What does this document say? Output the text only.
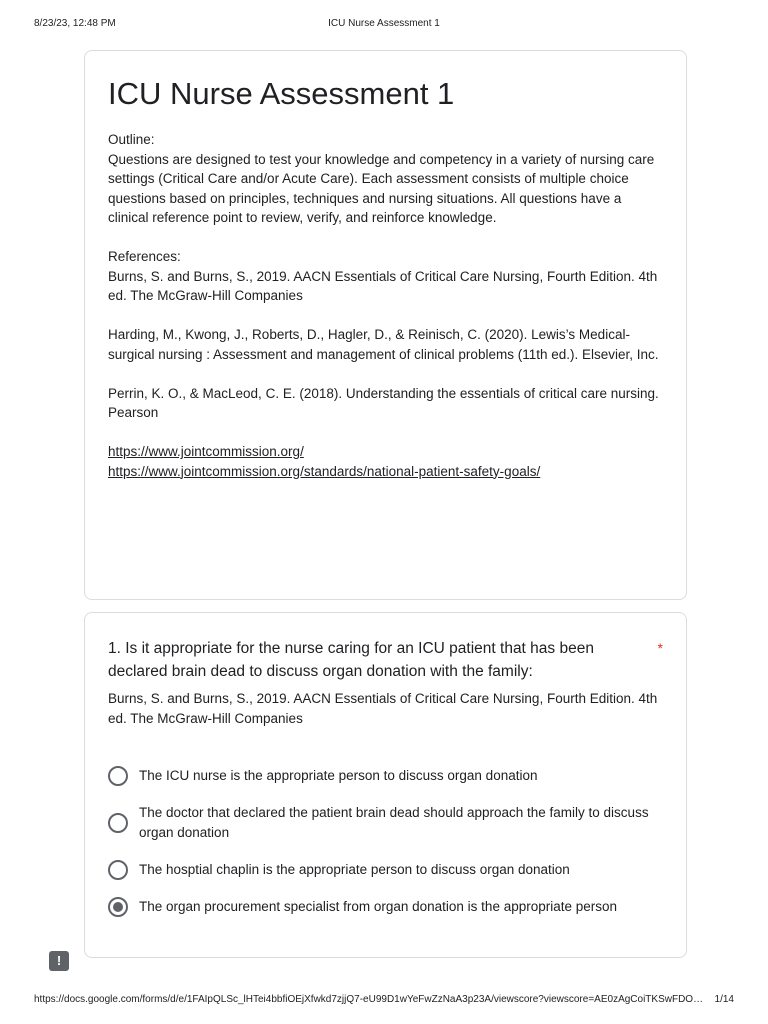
8/23/23, 12:48 PM	ICU Nurse Assessment 1
ICU Nurse Assessment 1

Outline:

Questions are designed to test your knowledge and competency in a variety of nursing care settings (Critical Care and/or Acute Care). Each assessment consists of multiple choice questions based on principles, techniques and nursing situations. All questions have a clinical reference point to review, verify, and reinforce knowledge.

References:

Burns, S. and Burns, S., 2019. AACN Essentials of Critical Care Nursing, Fourth Edition. 4th ed. The McGraw-Hill Companies

Harding, M., Kwong, J., Roberts, D., Hagler, D., & Reinisch, C. (2020). Lewis’s Medical-surgical nursing : Assessment and management of clinical problems (11th ed.). Elsevier, Inc.

Perrin, K. O., & MacLeod, C. E. (2018). Understanding the essentials of critical care nursing. Pearson

https://www.jointcommission.org/

https://www.jointcommission.org/standards/national-patient-safety-goals/

1. Is it appropriate for the nurse caring for an ICU patient that has been declared brain dead to discuss organ donation with the family:
*
Burns, S. and Burns, S., 2019. AACN Essentials of Critical Care Nursing, Fourth Edition. 4th ed. The McGraw-Hill Companies
The ICU nurse is the appropriate person to discuss organ donation
The doctor that declared the patient brain dead should approach the family to discuss organ donation
The hosptial chaplin is the appropriate person to discuss organ donation
The organ procurement specialist from organ donation is the appropriate person
!
https://docs.google.com/forms/d/e/1FAIpQLSc_lHTei4bbfiOEjXfwkd7zjjQ7-eU99D1wYeFwZzNaA3p23A/viewscore?viewscore=AE0zAgCoiTKSwFDO…	1/14
